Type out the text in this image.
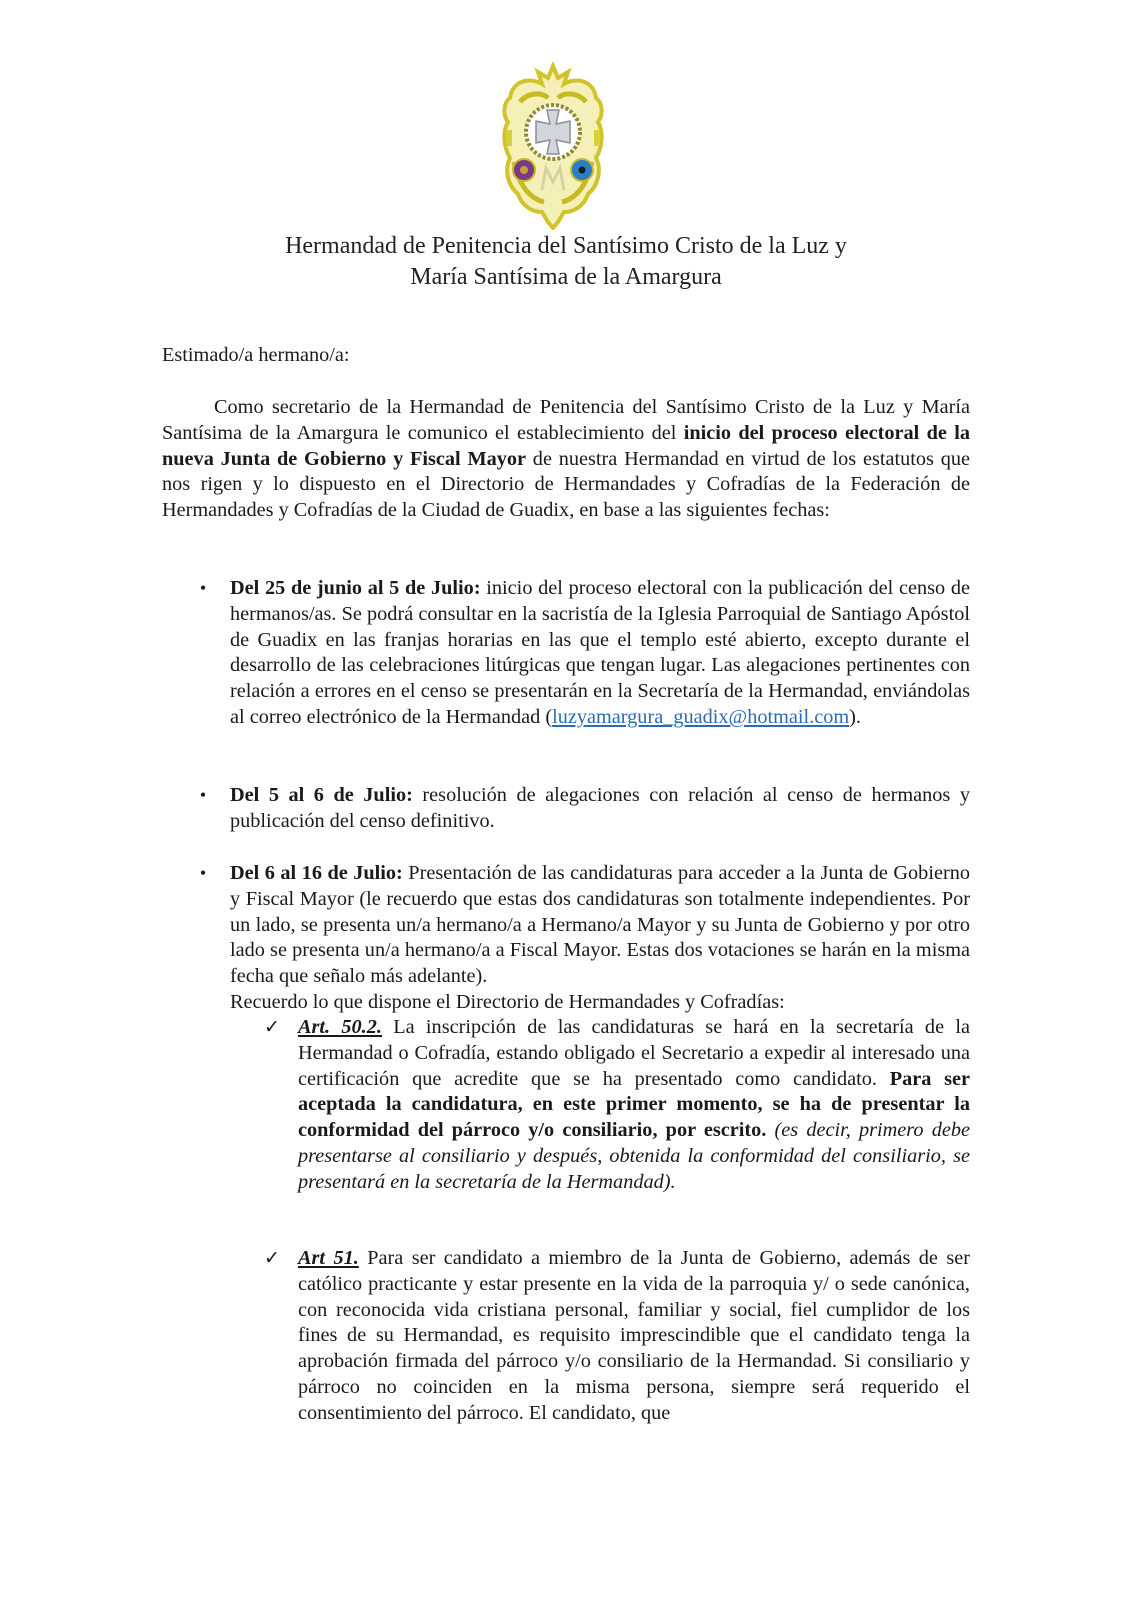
Hermandad de Penitencia del Santísimo Cristo de la Luz y
María Santísima de la Amargura
Estimado/a hermano/a:
Como secretario de la Hermandad de Penitencia del Santísimo Cristo de la Luz y María Santísima de la Amargura le comunico el establecimiento del inicio del proceso electoral de la nueva Junta de Gobierno y Fiscal Mayor de nuestra Hermandad en virtud de los estatutos que nos rigen y lo dispuesto en el Directorio de Hermandades y Cofradías de la Federación de Hermandades y Cofradías de la Ciudad de Guadix, en base a las siguientes fechas:
• Del 25 de junio al 5 de Julio: inicio del proceso electoral con la publicación del censo de hermanos/as. Se podrá consultar en la sacristía de la Iglesia Parroquial de Santiago Apóstol de Guadix en las franjas horarias en las que el templo esté abierto, excepto durante el desarrollo de las celebraciones litúrgicas que tengan lugar. Las alegaciones pertinentes con relación a errores en el censo se presentarán en la Secretaría de la Hermandad, enviándolas al correo electrónico de la Hermandad (luzyamargura_guadix@hotmail.com).
• Del 5 al 6 de Julio: resolución de alegaciones con relación al censo de hermanos y publicación del censo definitivo.
• Del 6 al 16 de Julio: Presentación de las candidaturas para acceder a la Junta de Gobierno y Fiscal Mayor (le recuerdo que estas dos candidaturas son totalmente independientes. Por un lado, se presenta un/a hermano/a a Hermano/a Mayor y su Junta de Gobierno y por otro lado se presenta un/a hermano/a a Fiscal Mayor. Estas dos votaciones se harán en la misma fecha que señalo más adelante).
Recuerdo lo que dispone el Directorio de Hermandades y Cofradías:
✓ Art. 50.2. La inscripción de las candidaturas se hará en la secretaría de la Hermandad o Cofradía, estando obligado el Secretario a expedir al interesado una certificación que acredite que se ha presentado como candidato. Para ser aceptada la candidatura, en este primer momento, se ha de presentar la conformidad del párroco y/o consiliario, por escrito. (es decir, primero debe presentarse al consiliario y después, obtenida la conformidad del consiliario, se presentará en la secretaría de la Hermandad).
✓ Art 51. Para ser candidato a miembro de la Junta de Gobierno, además de ser católico practicante y estar presente en la vida de la parroquia y/ o sede canónica, con reconocida vida cristiana personal, familiar y social, fiel cumplidor de los fines de su Hermandad, es requisito imprescindible que el candidato tenga la aprobación firmada del párroco y/o consiliario de la Hermandad. Si consiliario y párroco no coinciden en la misma persona, siempre será requerido el consentimiento del párroco. El candidato, que
